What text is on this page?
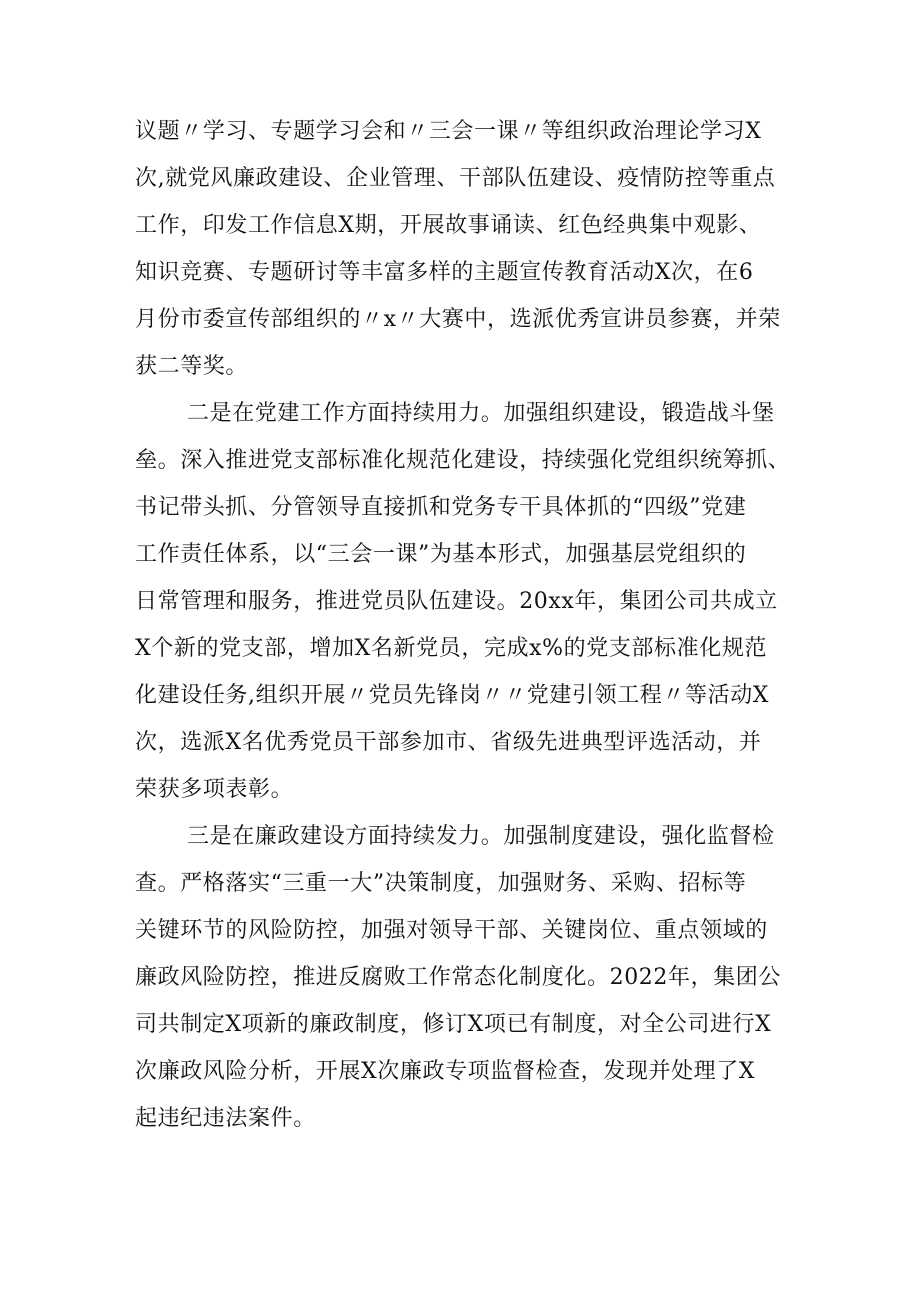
议题〃学习、专题学习会和〃三会一课〃等组织政治理论学习X
次,就党风廉政建设、企业管理、干部队伍建设、疫情防控等重点
工作，印发工作信息X期，开展故事诵读、红色经典集中观影、
知识竞赛、专题研讨等丰富多样的主题宣传教育活动X次，在6
月份市委宣传部组织的〃x〃大赛中，选派优秀宣讲员参赛，并荣
获二等奖。
二是在党建工作方面持续用力。加强组织建设，锻造战斗堡
垒。深入推进党支部标准化规范化建设，持续强化党组织统筹抓、
书记带头抓、分管领导直接抓和党务专干具体抓的“四级”党建
工作责任体系，以“三会一课”为基本形式，加强基层党组织的
日常管理和服务，推进党员队伍建设。20xx年，集团公司共成立
X个新的党支部，增加X名新党员，完成x%的党支部标准化规范
化建设任务,组织开展〃党员先锋岗〃〃党建引领工程〃等活动X
次，选派X名优秀党员干部参加市、省级先进典型评选活动，并
荣获多项表彰。
三是在廉政建设方面持续发力。加强制度建设，强化监督检
查。严格落实“三重一大”决策制度，加强财务、采购、招标等
关键环节的风险防控，加强对领导干部、关键岗位、重点领域的
廉政风险防控，推进反腐败工作常态化制度化。2022年，集团公
司共制定X项新的廉政制度，修订X项已有制度，对全公司进行X
次廉政风险分析，开展X次廉政专项监督检查，发现并处理了X
起违纪违法案件。
